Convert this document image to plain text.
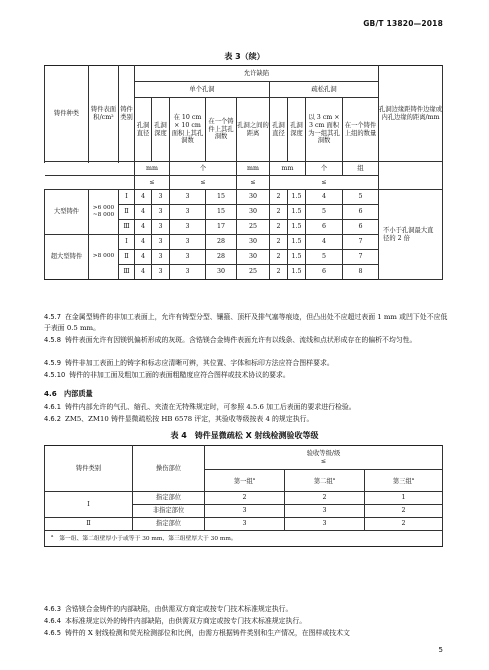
GB/T 13820—2018
表 3（续）
铸件种类	铸件表面积/cm²	铸件类别	允许缺陷									孔洞边缘距铸件边缘或内孔边缘的距离/mm
			单个孔洞					疏松孔洞				
			孔洞直径	孔洞深度	在 10 cm × 10 cm 面积上其孔洞数	在一个铸件上其孔洞数	孔洞之间的距离	孔洞直径	孔洞深度	以 3 cm × 3 cm 面积为一组其孔洞数	在一个铸件上组的数量	

			mm		个		mm	mm		个	组	
			≤		≤		≤	≤				
大型铸件	>6 000 ~8 000	Ⅰ	4	3	3	15	30	2	1.5	4	5	不小于孔洞最大直径的 2 倍
		Ⅱ	4	3	3	15	30	2	1.5	5	6	
		Ⅲ	4	3	3	17	25	2	1.5	6	6	
超大型铸件	>8 000	Ⅰ	4	3	3	28	30	2	1.5	4	7	
		Ⅱ	4	3	3	28	30	2	1.5	5	7	
		Ⅲ	4	3	3	30	25	2	1.5	6	8	
4.5.7 在金属型铸件的非加工表面上，允许有铸型分型、镶箍、顶杆及排气塞等痕迹，但凸出处不应超过表面 1 mm 或凹下处不应低于表面 0.5 mm。
4.5.8 铸件表面允许有因镁钒偏析形成的灰斑。含锆镁合金铸件表面允许有以线条、流线和点状形成存在的偏析不均匀性。
4.5.9 铸件非加工表面上的铸字和标志应清晰可辨，其位置、字体和标印方法应符合图样要求。
4.5.10 铸件的非加工面及粗加工面的表面粗糙度应符合图样或技术协议的要求。
4.6　 内部质量
4.6.1 铸件内部允许的气孔、缩孔、夹渣在无特殊规定时，可参照 4.5.6 加工后表面的要求进行检验。
4.6.2 ZM5、ZM10 铸件显微疏松按 HB 6578 评定，其验收等级按表 4 的规定执行。
表 4　铸件显微疏松 X 射线检测验收等级
铸件类别	操伤部位	验收等级/级
≤		

		第一组$^a$	第二组$^a$	第三组$^a$
Ⅰ	指定部位	2	2	1
	非指定部位	3	3	2
Ⅱ	指定部位	3	3	2
$^a$　第一组、第二组壁厚小于或等于 30 mm，第三组壁厚大于 30 mm。				
4.6.3 含锆镁合金铸件的内部缺陷，由供需双方商定或按专门技术标准规定执行。
4.6.4 本标准规定以外的铸件内部缺陷，由供需双方商定或按专门技术标准规定执行。
4.6.5 铸件的 X 射线检测和荧光检测部位和比例，由需方根据铸件类别和生产情况，在图样或技术文
5
